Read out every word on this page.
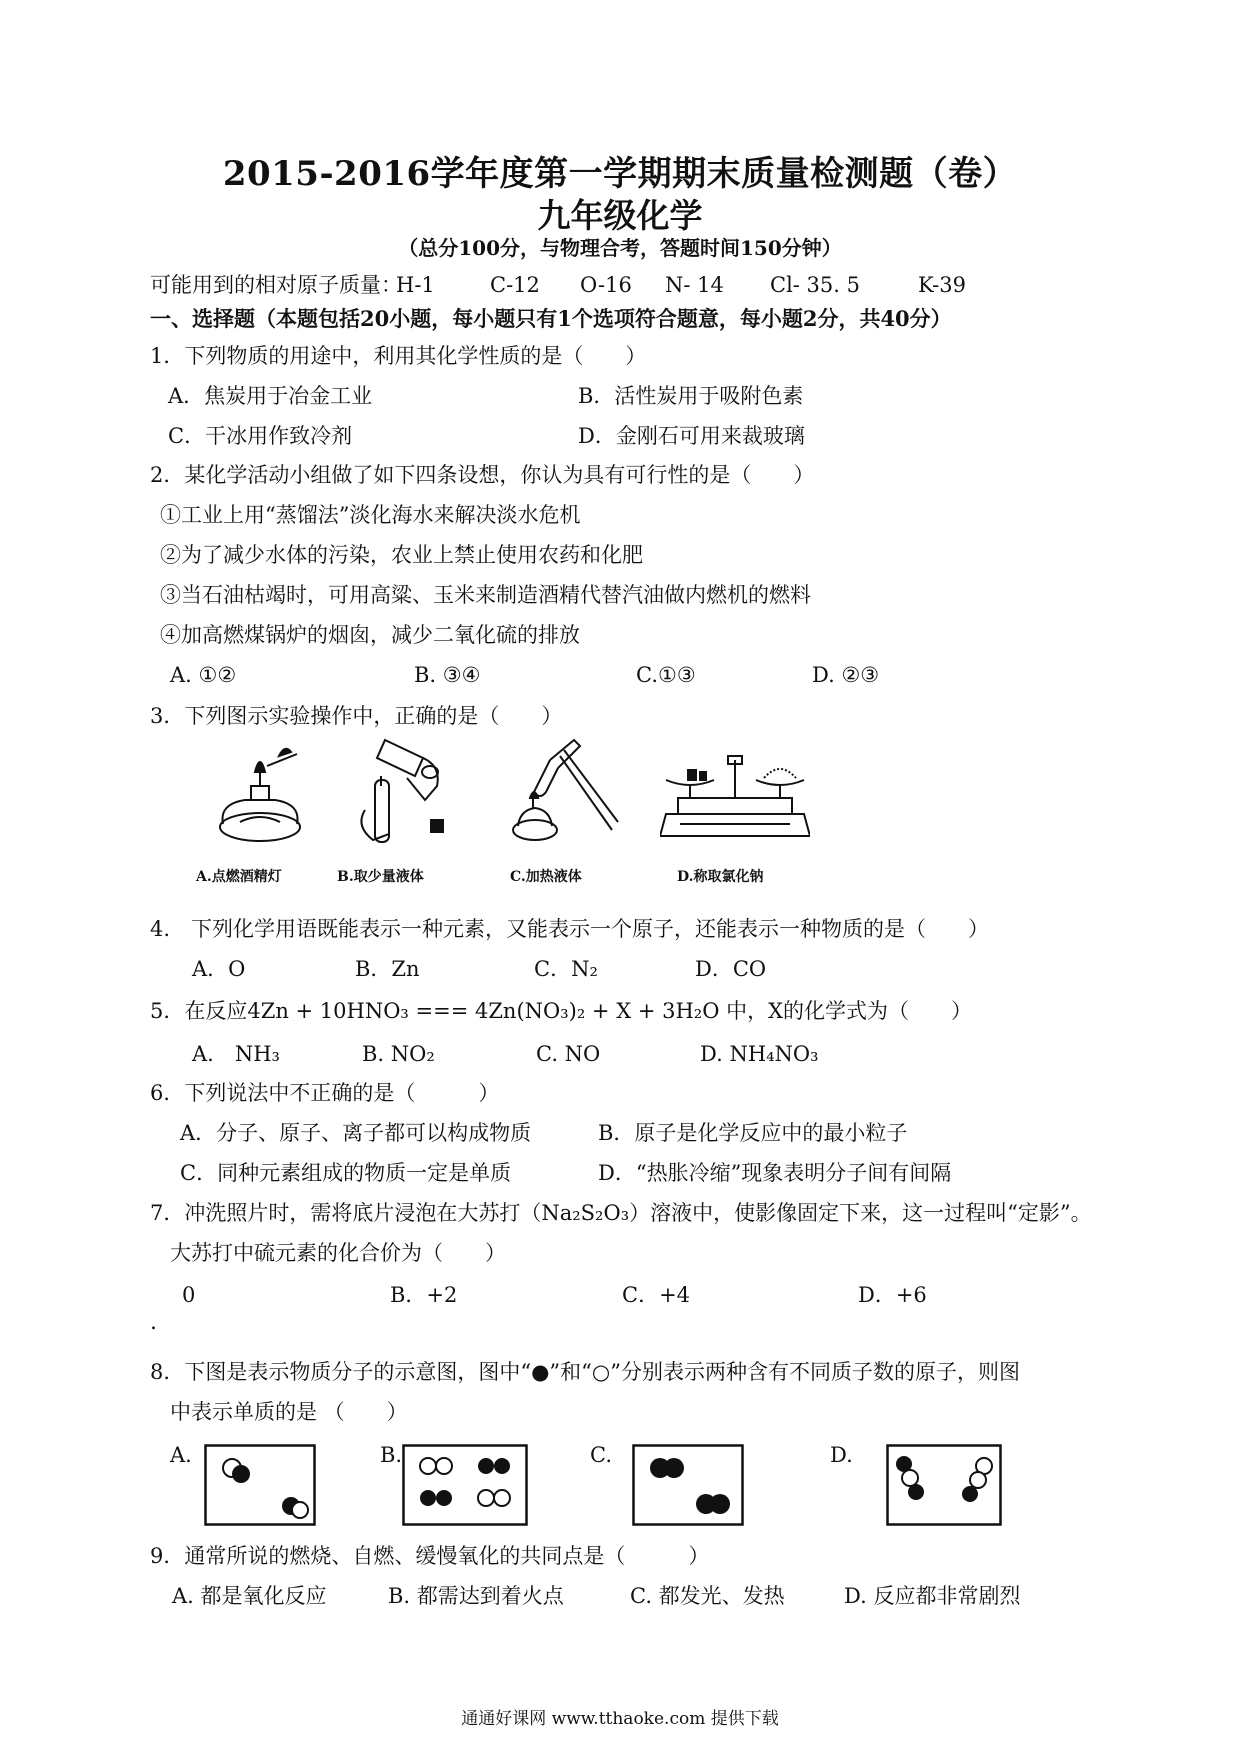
2015-2016学年度第一学期期末质量检测题（卷）
九年级化学
（总分100分，与物理合考，答题时间150分钟）
可能用到的相对原子质量：
H-1	C-12 O-16 N- 14 Cl- 35. 5	K-39
一、选择题（本题包括20小题，每小题只有1个选项符合题意，每小题2分，共40分）
1．下列物质的用途中，利用其化学性质的是（　　）
A．焦炭用于冶金工业	B．活性炭用于吸附色素
C．干冰用作致冷剂	D．金刚石可用来裁玻璃
2．某化学活动小组做了如下四条设想，你认为具有可行性的是（　　）
①工业上用“蒸馏法”淡化海水来解决淡水危机
②为了减少水体的污染，农业上禁止使用农药和化肥
③当石油枯竭时，可用高粱、玉米来制造酒精代替汽油做内燃机的燃料
④加高燃煤锅炉的烟囱，减少二氧化硫的排放
A. ①②	B. ③④	C.①③	D. ②③
3．下列图示实验操作中，正确的是（　　）
A.点燃酒精灯	B.取少量液体	C.加热液体	D.称取氯化钠
4.　下列化学用语既能表示一种元素，又能表示一个原子，还能表示一种物质的是（　　）
A．O	B．Zn	C．N₂	D．CO
5．在反应4Zn + 10HNO₃ === 4Zn(NO₃)₂ + X + 3H₂O 中，X的化学式为（　　）
A.　NH₃	B. NO₂	C. NO	D. NH₄NO₃
6．下列说法中不正确的是（　　　）
A．分子、原子、离子都可以构成物质	B．原子是化学反应中的最小粒子
C．同种元素组成的物质一定是单质	D．“热胀冷缩”现象表明分子间有间隔
7．冲洗照片时，需将底片浸泡在大苏打（Na₂S₂O₃）溶液中，使影像固定下来，这一过程叫“定影”。
大苏打中硫元素的化合价为（　　）
0	B．+2	C．+4	D．+6
.
8．下图是表示物质分子的示意图，图中“●”和“○”分别表示两种含有不同质子数的原子，则图
中表示单质的是 （　　）
A.	B.	C.	D.
9．通常所说的燃烧、自燃、缓慢氧化的共同点是（　　　）
A. 都是氧化反应	B. 都需达到着火点	C. 都发光、发热	D. 反应都非常剧烈
通通好课网 www.tthaoke.com 提供下载
